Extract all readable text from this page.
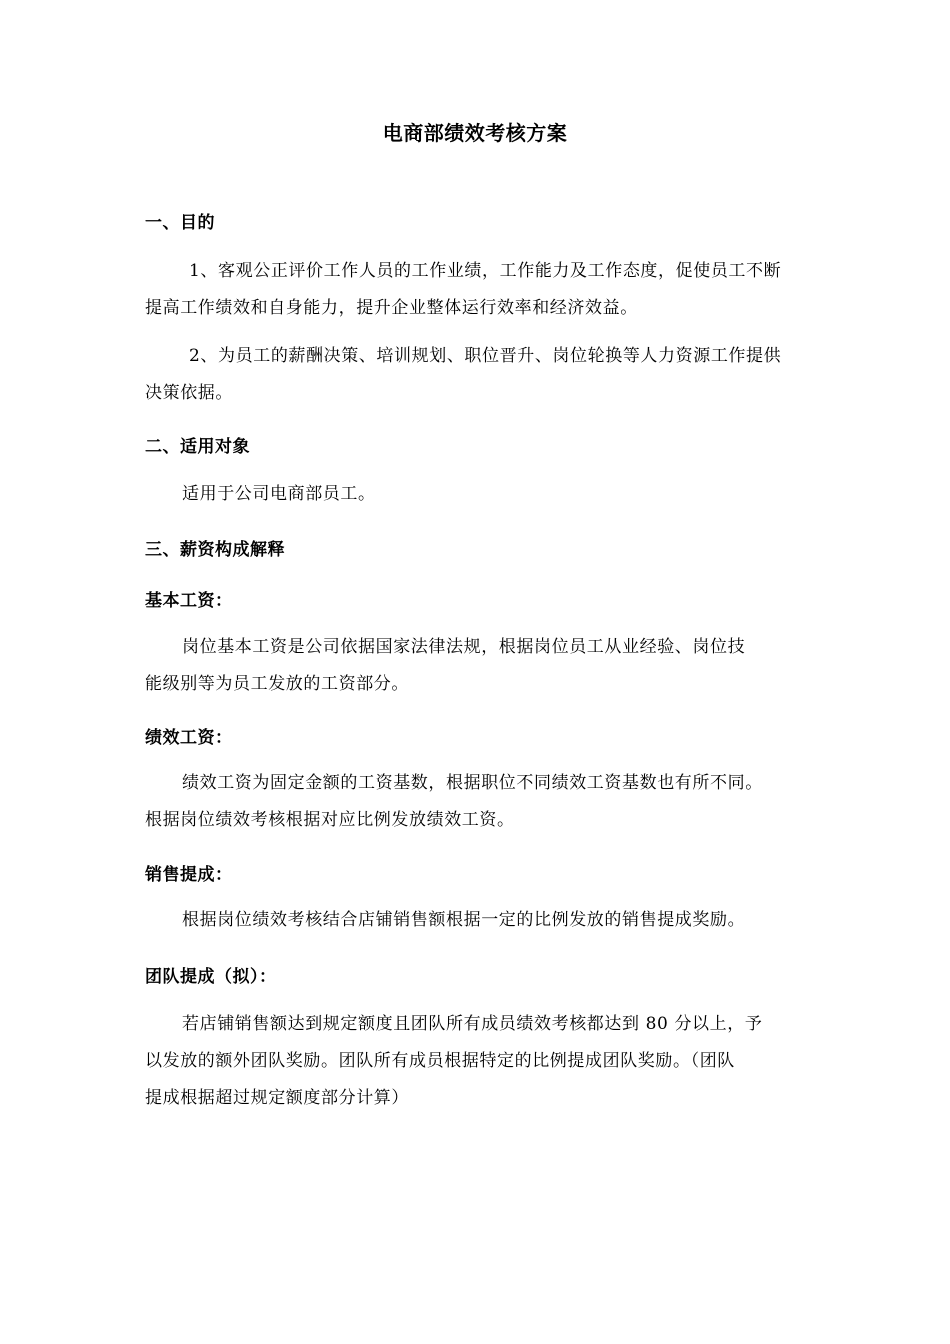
电商部绩效考核方案
一、目的
1、客观公正评价工作人员的工作业绩，工作能力及工作态度，促使员工不断
提高工作绩效和自身能力，提升企业整体运行效率和经济效益。
2、为员工的薪酬决策、培训规划、职位晋升、岗位轮换等人力资源工作提供
决策依据。
二、适用对象
适用于公司电商部员工。
三、薪资构成解释
基本工资：
岗位基本工资是公司依据国家法律法规，根据岗位员工从业经验、岗位技
能级别等为员工发放的工资部分。
绩效工资：
绩效工资为固定金额的工资基数，根据职位不同绩效工资基数也有所不同。
根据岗位绩效考核根据对应比例发放绩效工资。
销售提成：
根据岗位绩效考核结合店铺销售额根据一定的比例发放的销售提成奖励。
团队提成（拟）：
若店铺销售额达到规定额度且团队所有成员绩效考核都达到 80 分以上，予
以发放的额外团队奖励。团队所有成员根据特定的比例提成团队奖励。（团队
提成根据超过规定额度部分计算）
